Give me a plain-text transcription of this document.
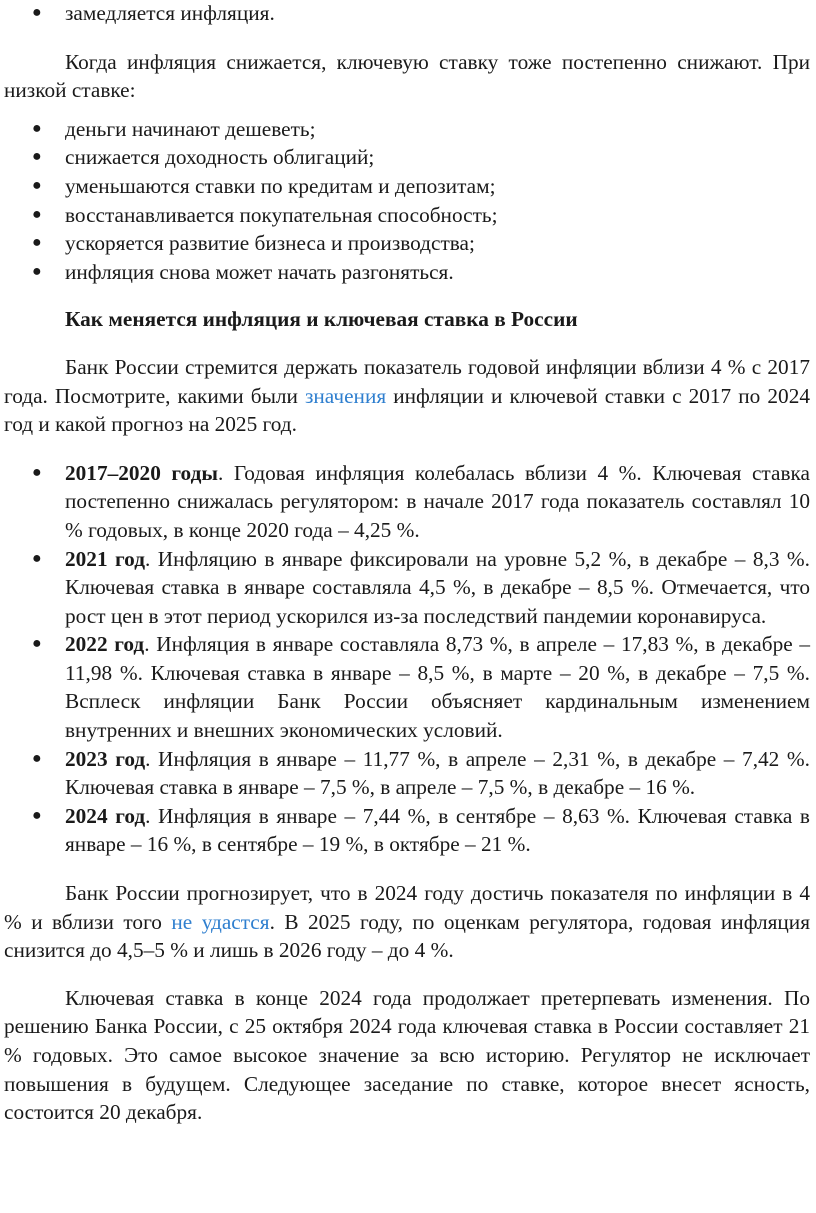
● замедляется инфляция.

Когда инфляция снижается, ключевую ставку тоже постепенно снижают. При низкой ставке:

● деньги начинают дешеветь;
● снижается доходность облигаций;
● уменьшаются ставки по кредитам и депозитам;
● восстанавливается покупательная способность;
● ускоряется развитие бизнеса и производства;
● инфляция снова может начать разгоняться.

Как меняется инфляция и ключевая ставка в России

Банк России стремится держать показатель годовой инфляции вблизи 4 % с 2017 года. Посмотрите, какими были значения инфляции и ключевой ставки с 2017 по 2024 год и какой прогноз на 2025 год.

● 2017–2020 годы. Годовая инфляция колебалась вблизи 4 %. Ключевая ставка постепенно снижалась регулятором: в начале 2017 года показатель составлял 10 % годовых, в конце 2020 года – 4,25 %.
● 2021 год. Инфляцию в январе фиксировали на уровне 5,2 %, в декабре – 8,3 %. Ключевая ставка в январе составляла 4,5 %, в декабре – 8,5 %. Отмечается, что рост цен в этот период ускорился из-за последствий пандемии коронавируса.
● 2022 год. Инфляция в январе составляла 8,73 %, в апреле – 17,83 %, в декабре – 11,98 %. Ключевая ставка в январе – 8,5 %, в марте – 20 %, в декабре – 7,5 %. Всплеск инфляции Банк России объясняет кардинальным изменением внутренних и внешних экономических условий.
● 2023 год. Инфляция в январе – 11,77 %, в апреле – 2,31 %, в декабре – 7,42 %. Ключевая ставка в январе – 7,5 %, в апреле – 7,5 %, в декабре – 16 %.
● 2024 год. Инфляция в январе – 7,44 %, в сентябре – 8,63 %. Ключевая ставка в январе – 16 %, в сентябре – 19 %, в октябре – 21 %.

Банк России прогнозирует, что в 2024 году достичь показателя по инфляции в 4 % и вблизи того не удастся. В 2025 году, по оценкам регулятора, годовая инфляция снизится до 4,5–5 % и лишь в 2026 году – до 4 %.

Ключевая ставка в конце 2024 года продолжает претерпевать изменения. По решению Банка России, с 25 октября 2024 года ключевая ставка в России составляет 21 % годовых. Это самое высокое значение за всю историю. Регулятор не исключает повышения в будущем. Следующее заседание по ставке, которое внесет ясность, состоится 20 декабря.
